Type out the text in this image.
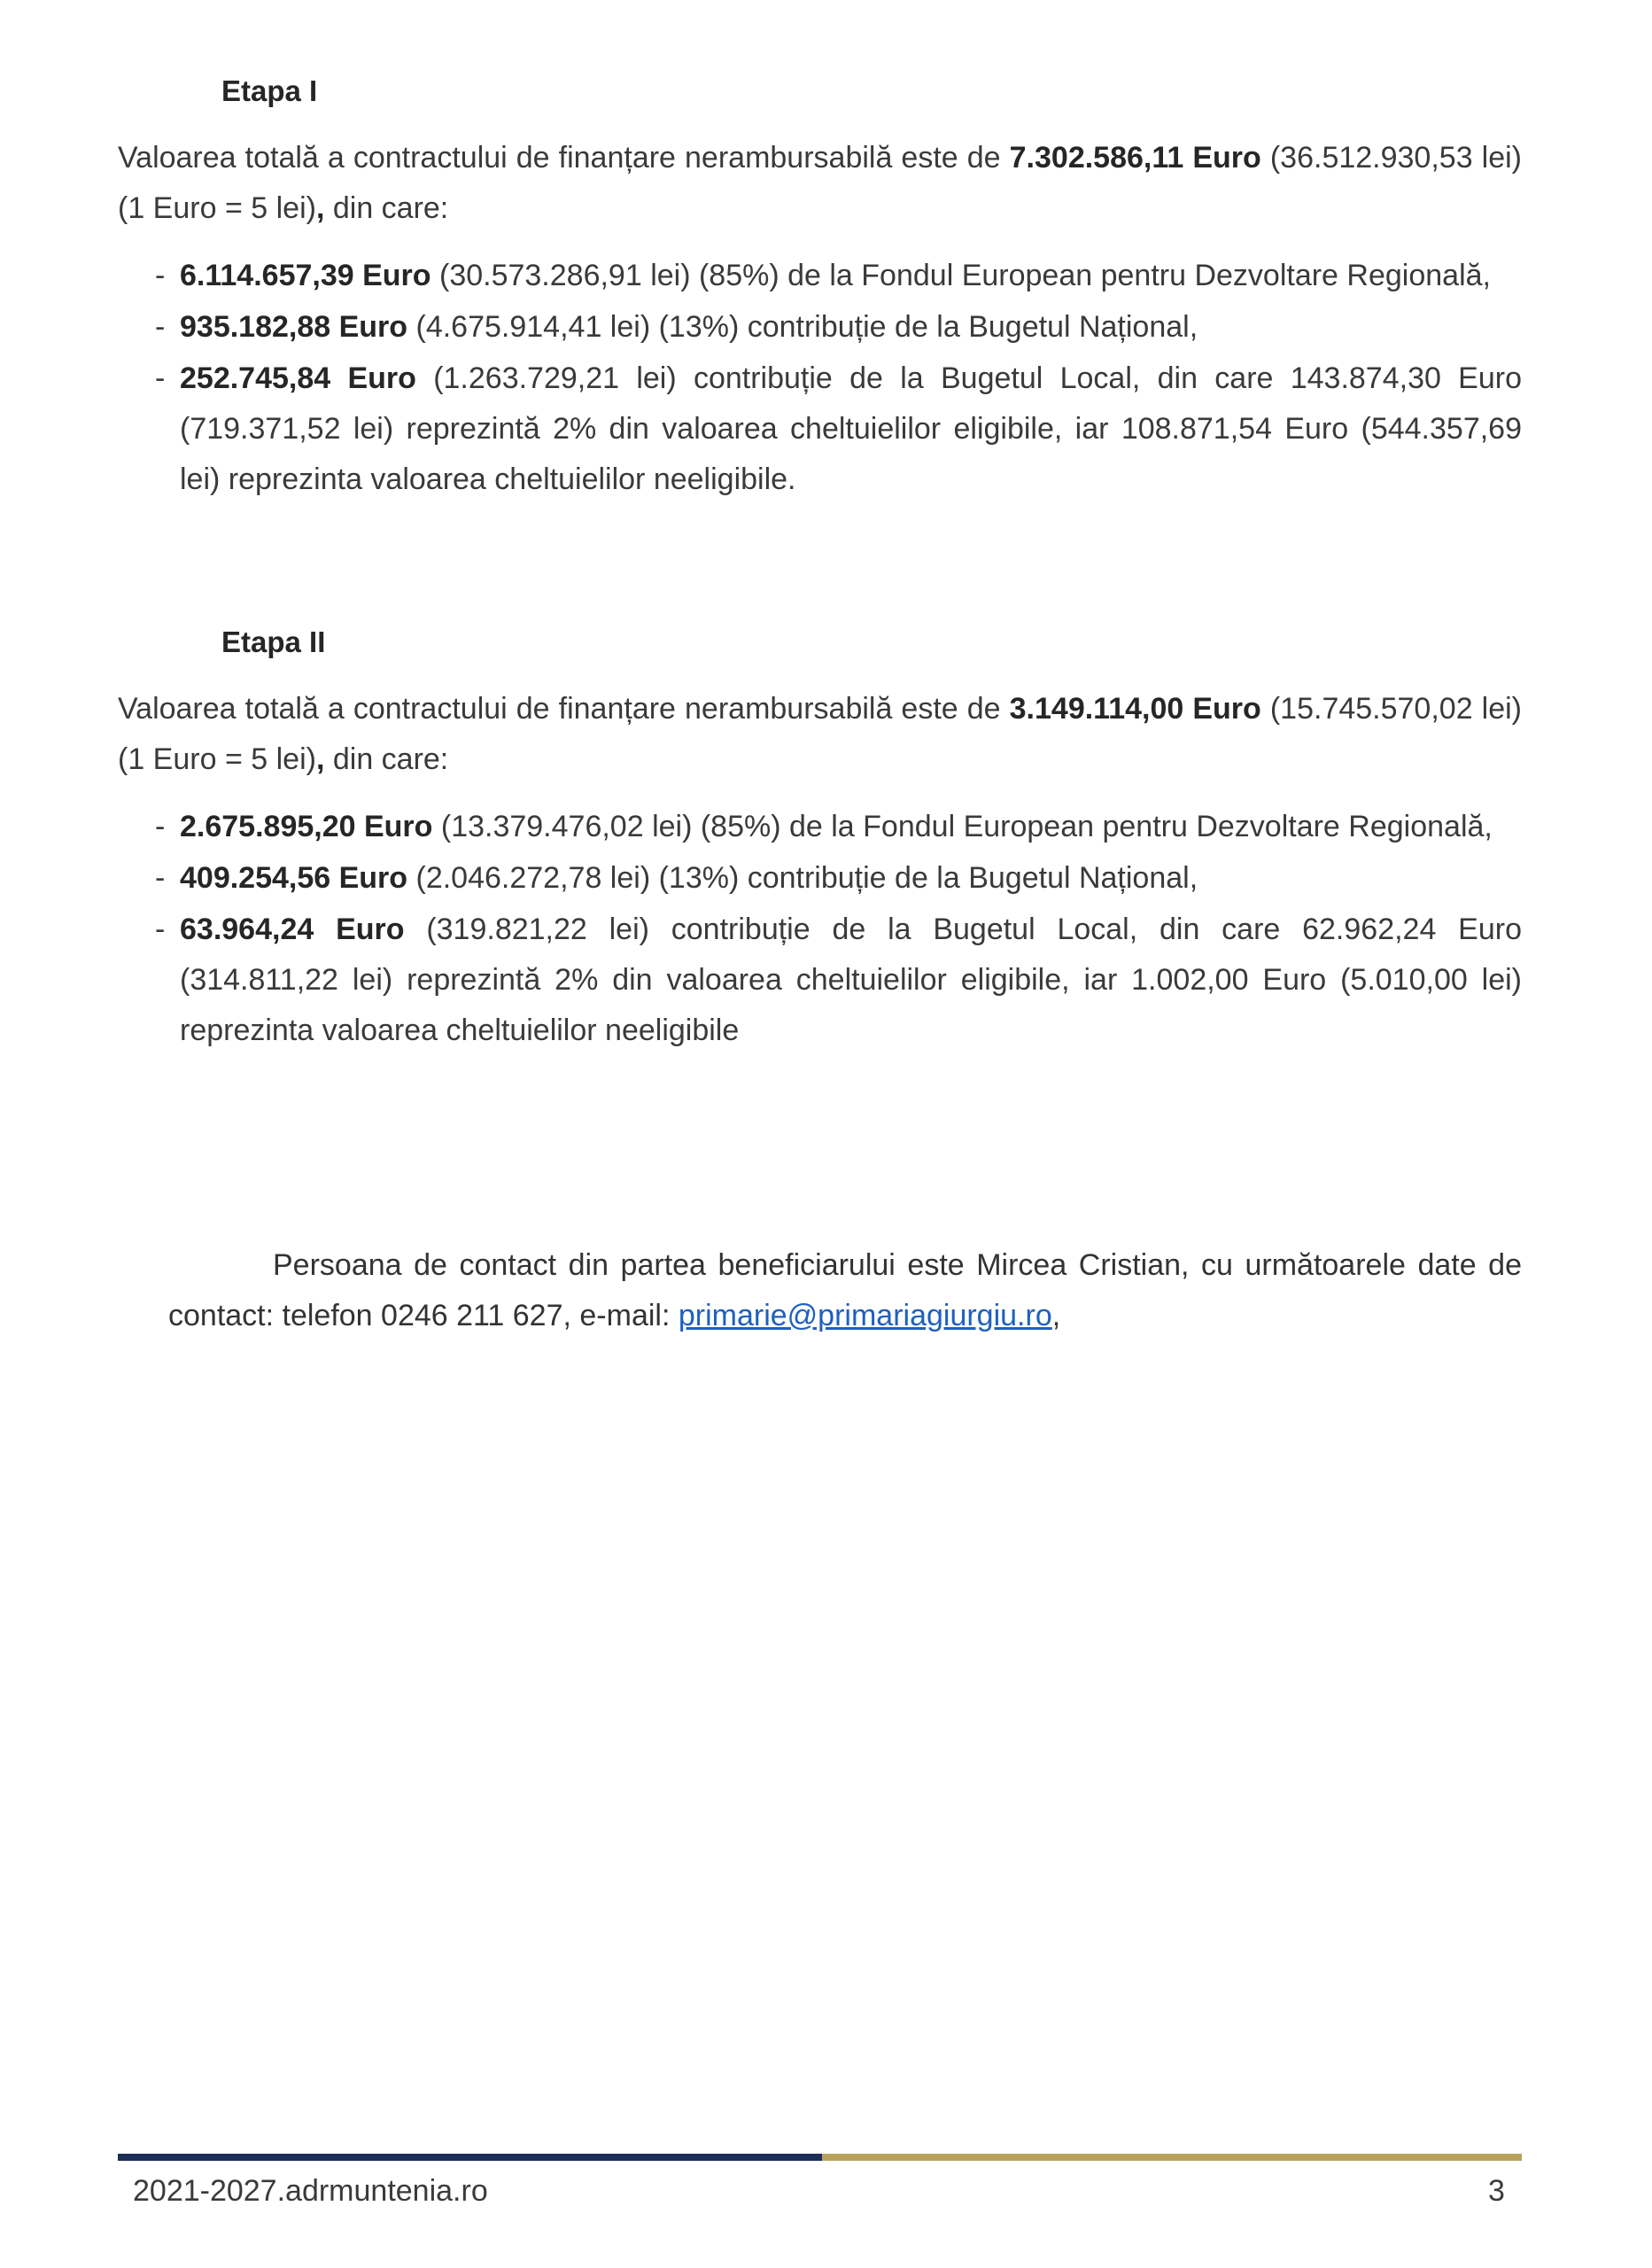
Etapa I

Valoarea totală a contractului de finanțare nerambursabilă este de 7.302.586,11 Euro (36.512.930,53 lei) (1 Euro = 5 lei), din care:

- 6.114.657,39 Euro (30.573.286,91 lei) (85%) de la Fondul European pentru Dezvoltare Regională,
- 935.182,88 Euro (4.675.914,41 lei) (13%) contribuție de la Bugetul Național,
- 252.745,84 Euro (1.263.729,21 lei) contribuție de la Bugetul Local, din care 143.874,30 Euro (719.371,52 lei) reprezintă 2% din valoarea cheltuielilor eligibile, iar 108.871,54 Euro (544.357,69 lei) reprezinta valoarea cheltuielilor neeligibile.
Etapa II

Valoarea totală a contractului de finanțare nerambursabilă este de 3.149.114,00 Euro (15.745.570,02 lei) (1 Euro = 5 lei), din care:

- 2.675.895,20 Euro (13.379.476,02 lei) (85%) de la Fondul European pentru Dezvoltare Regională,
- 409.254,56 Euro (2.046.272,78 lei) (13%) contribuție de la Bugetul Național,
- 63.964,24 Euro (319.821,22 lei) contribuție de la Bugetul Local, din care 62.962,24 Euro (314.811,22 lei) reprezintă 2% din valoarea cheltuielilor eligibile, iar 1.002,00 Euro (5.010,00 lei) reprezinta valoarea cheltuielilor neeligibile

Persoana de contact din partea beneficiarului este Mircea Cristian, cu următoarele date de contact: telefon 0246 211 627, e-mail: primarie@primariagiurgiu.ro,

2021-2027.adrmuntenia.ro	3
